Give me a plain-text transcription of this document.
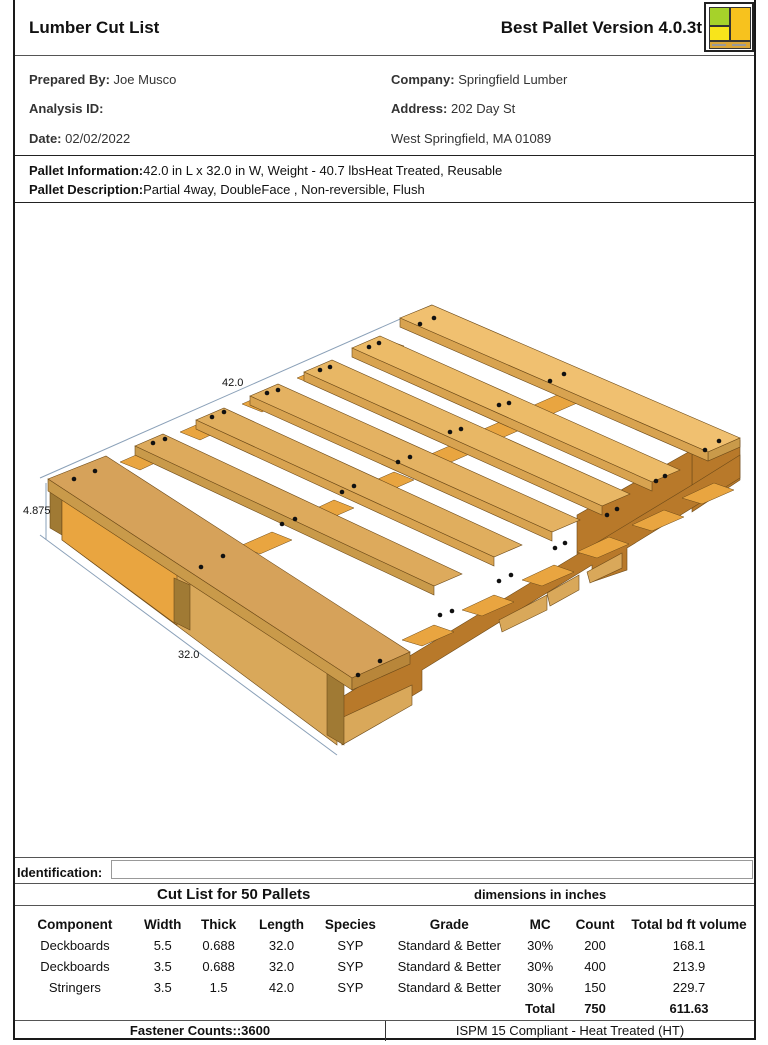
Lumber Cut List	Best Pallet Version 4.0.3t
Prepared By: Joe Musco
Analysis ID:
Date: 02/02/2022
Company: Springfield Lumber
Address: 202 Day St
West Springfield, MA 01089
Pallet Information:42.0 in L x 32.0 in W, Weight - 40.7 lbsHeat Treated, Reusable
Pallet Description:Partial 4way, DoubleFace , Non-reversible, Flush
42.0
32.0
4.875
Identification:
Cut List for 50 Pallets	dimensions in inches
Component	Width	Thick	Length	Species	Grade	MC	Count	Total bd ft volume
Deckboards	5.5	0.688	32.0	SYP	Standard & Better	30%	200	168.1
Deckboards	3.5	0.688	32.0	SYP	Standard & Better	30%	400	213.9
Stringers	3.5	1.5	42.0	SYP	Standard & Better	30%	150	229.7
						Total	750	611.63
Fastener Counts::3600	ISPM 15 Compliant - Heat Treated (HT)
